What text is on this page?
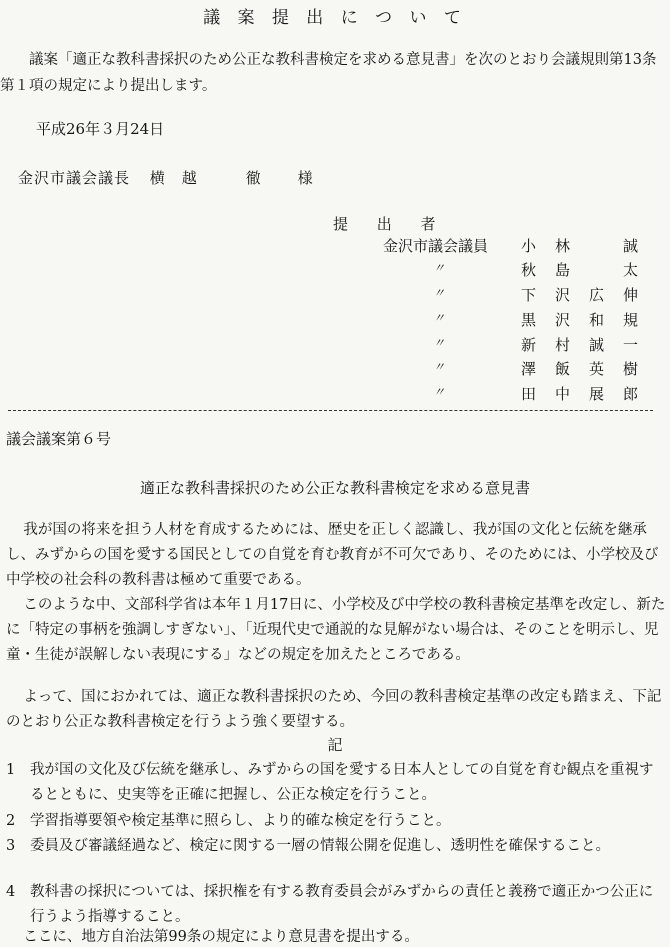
議 案 提 出 に つ い て
議案「適正な教科書採択のため公正な教科書検定を求める意見書」を次のとおり会議規則第13条第１項の規定により提出します。
平成26年３月24日
金沢市議会議長 横　越　　　徹 様
提 出 者
金沢市議会議員 小 林	誠
〃	秋 島	太
〃	下 沢 広 伸
〃	黒 沢 和 規
〃	新 村 誠 一
〃	澤 飯 英 樹
〃	田 中 展 郎
議会議案第６号
適正な教科書採択のため公正な教科書検定を求める意見書
我が国の将来を担う人材を育成するためには、歴史を正しく認識し、我が国の文化と伝統を継承し、みずからの国を愛する国民としての自覚を育む教育が不可欠であり、そのためには、小学校及び中学校の社会科の教科書は極めて重要である。
このような中、文部科学省は本年１月17日に、小学校及び中学校の教科書検定基準を改定し、新たに「特定の事柄を強調しすぎない」、「近現代史で通説的な見解がない場合は、そのことを明示し、児童・生徒が誤解しない表現にする」などの規定を加えたところである。
よって、国におかれては、適正な教科書採択のため、今回の教科書検定基準の改定も踏まえ、下記のとおり公正な教科書検定を行うよう強く要望する。
記
1 我が国の文化及び伝統を継承し、みずからの国を愛する日本人としての自覚を育む観点を重視するとともに、史実等を正確に把握し、公正な検定を行うこと。
2 学習指導要領や検定基準に照らし、より的確な検定を行うこと。
3 委員及び審議経過など、検定に関する一層の情報公開を促進し、透明性を確保すること。
4 教科書の採択については、採択権を有する教育委員会がみずからの責任と義務で適正かつ公正に行うよう指導すること。
ここに、地方自治法第99条の規定により意見書を提出する。
